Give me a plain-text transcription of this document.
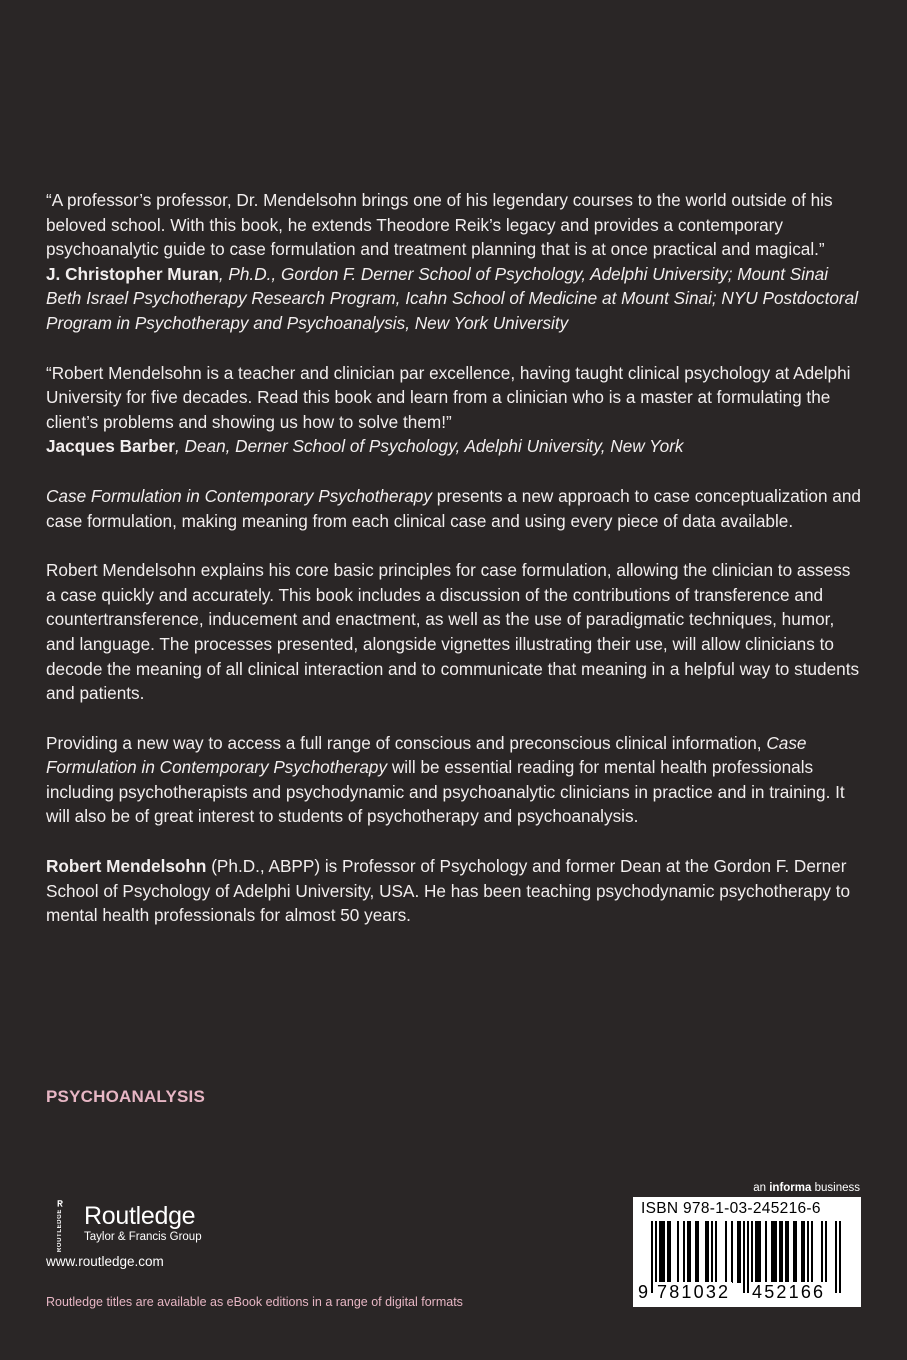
“A professor’s professor, Dr. Mendelsohn brings one of his legendary courses to the world outside of his beloved school. With this book, he extends Theodore Reik’s legacy and provides a contemporary psychoanalytic guide to case formulation and treatment planning that is at once practical and magical.”

J. Christopher Muran, Ph.D., Gordon F. Derner School of Psychology, Adelphi University; Mount Sinai Beth Israel Psychotherapy Research Program, Icahn School of Medicine at Mount Sinai; NYU Postdoctoral Program in Psychotherapy and Psychoanalysis, New York University

“Robert Mendelsohn is a teacher and clinician par excellence, having taught clinical psychology at Adelphi University for five decades. Read this book and learn from a clinician who is a master at formulating the client’s problems and showing us how to solve them!”

Jacques Barber, Dean, Derner School of Psychology, Adelphi University, New York

Case Formulation in Contemporary Psychotherapy presents a new approach to case conceptualization and case formulation, making meaning from each clinical case and using every piece of data available.

Robert Mendelsohn explains his core basic principles for case formulation, allowing the clinician to assess a case quickly and accurately. This book includes a discussion of the contributions of transference and countertransference, inducement and enactment, as well as the use of paradigmatic techniques, humor, and language. The processes presented, alongside vignettes illustrating their use, will allow clinicians to decode the meaning of all clinical interaction and to communicate that meaning in a helpful way to students and patients.

Providing a new way to access a full range of conscious and preconscious clinical information, Case Formulation in Contemporary Psychotherapy will be essential reading for mental health professionals including psychotherapists and psychodynamic and psychoanalytic clinicians in practice and in training. It will also be of great interest to students of psychotherapy and psychoanalysis.

Robert Mendelsohn (Ph.D., ABPP) is Professor of Psychology and former Dean at the Gordon F. Derner School of Psychology of Adelphi University, USA. He has been teaching psychodynamic psychotherapy to mental health professionals for almost 50 years.

PSYCHOANALYSIS
ROUTLEDGE Routledge
Taylor & Francis Group
www.routledge.com
Routledge titles are available as eBook editions in a range of digital formats
an informa business
ISBN 978-1-03-245216-6
9 781032 452166
